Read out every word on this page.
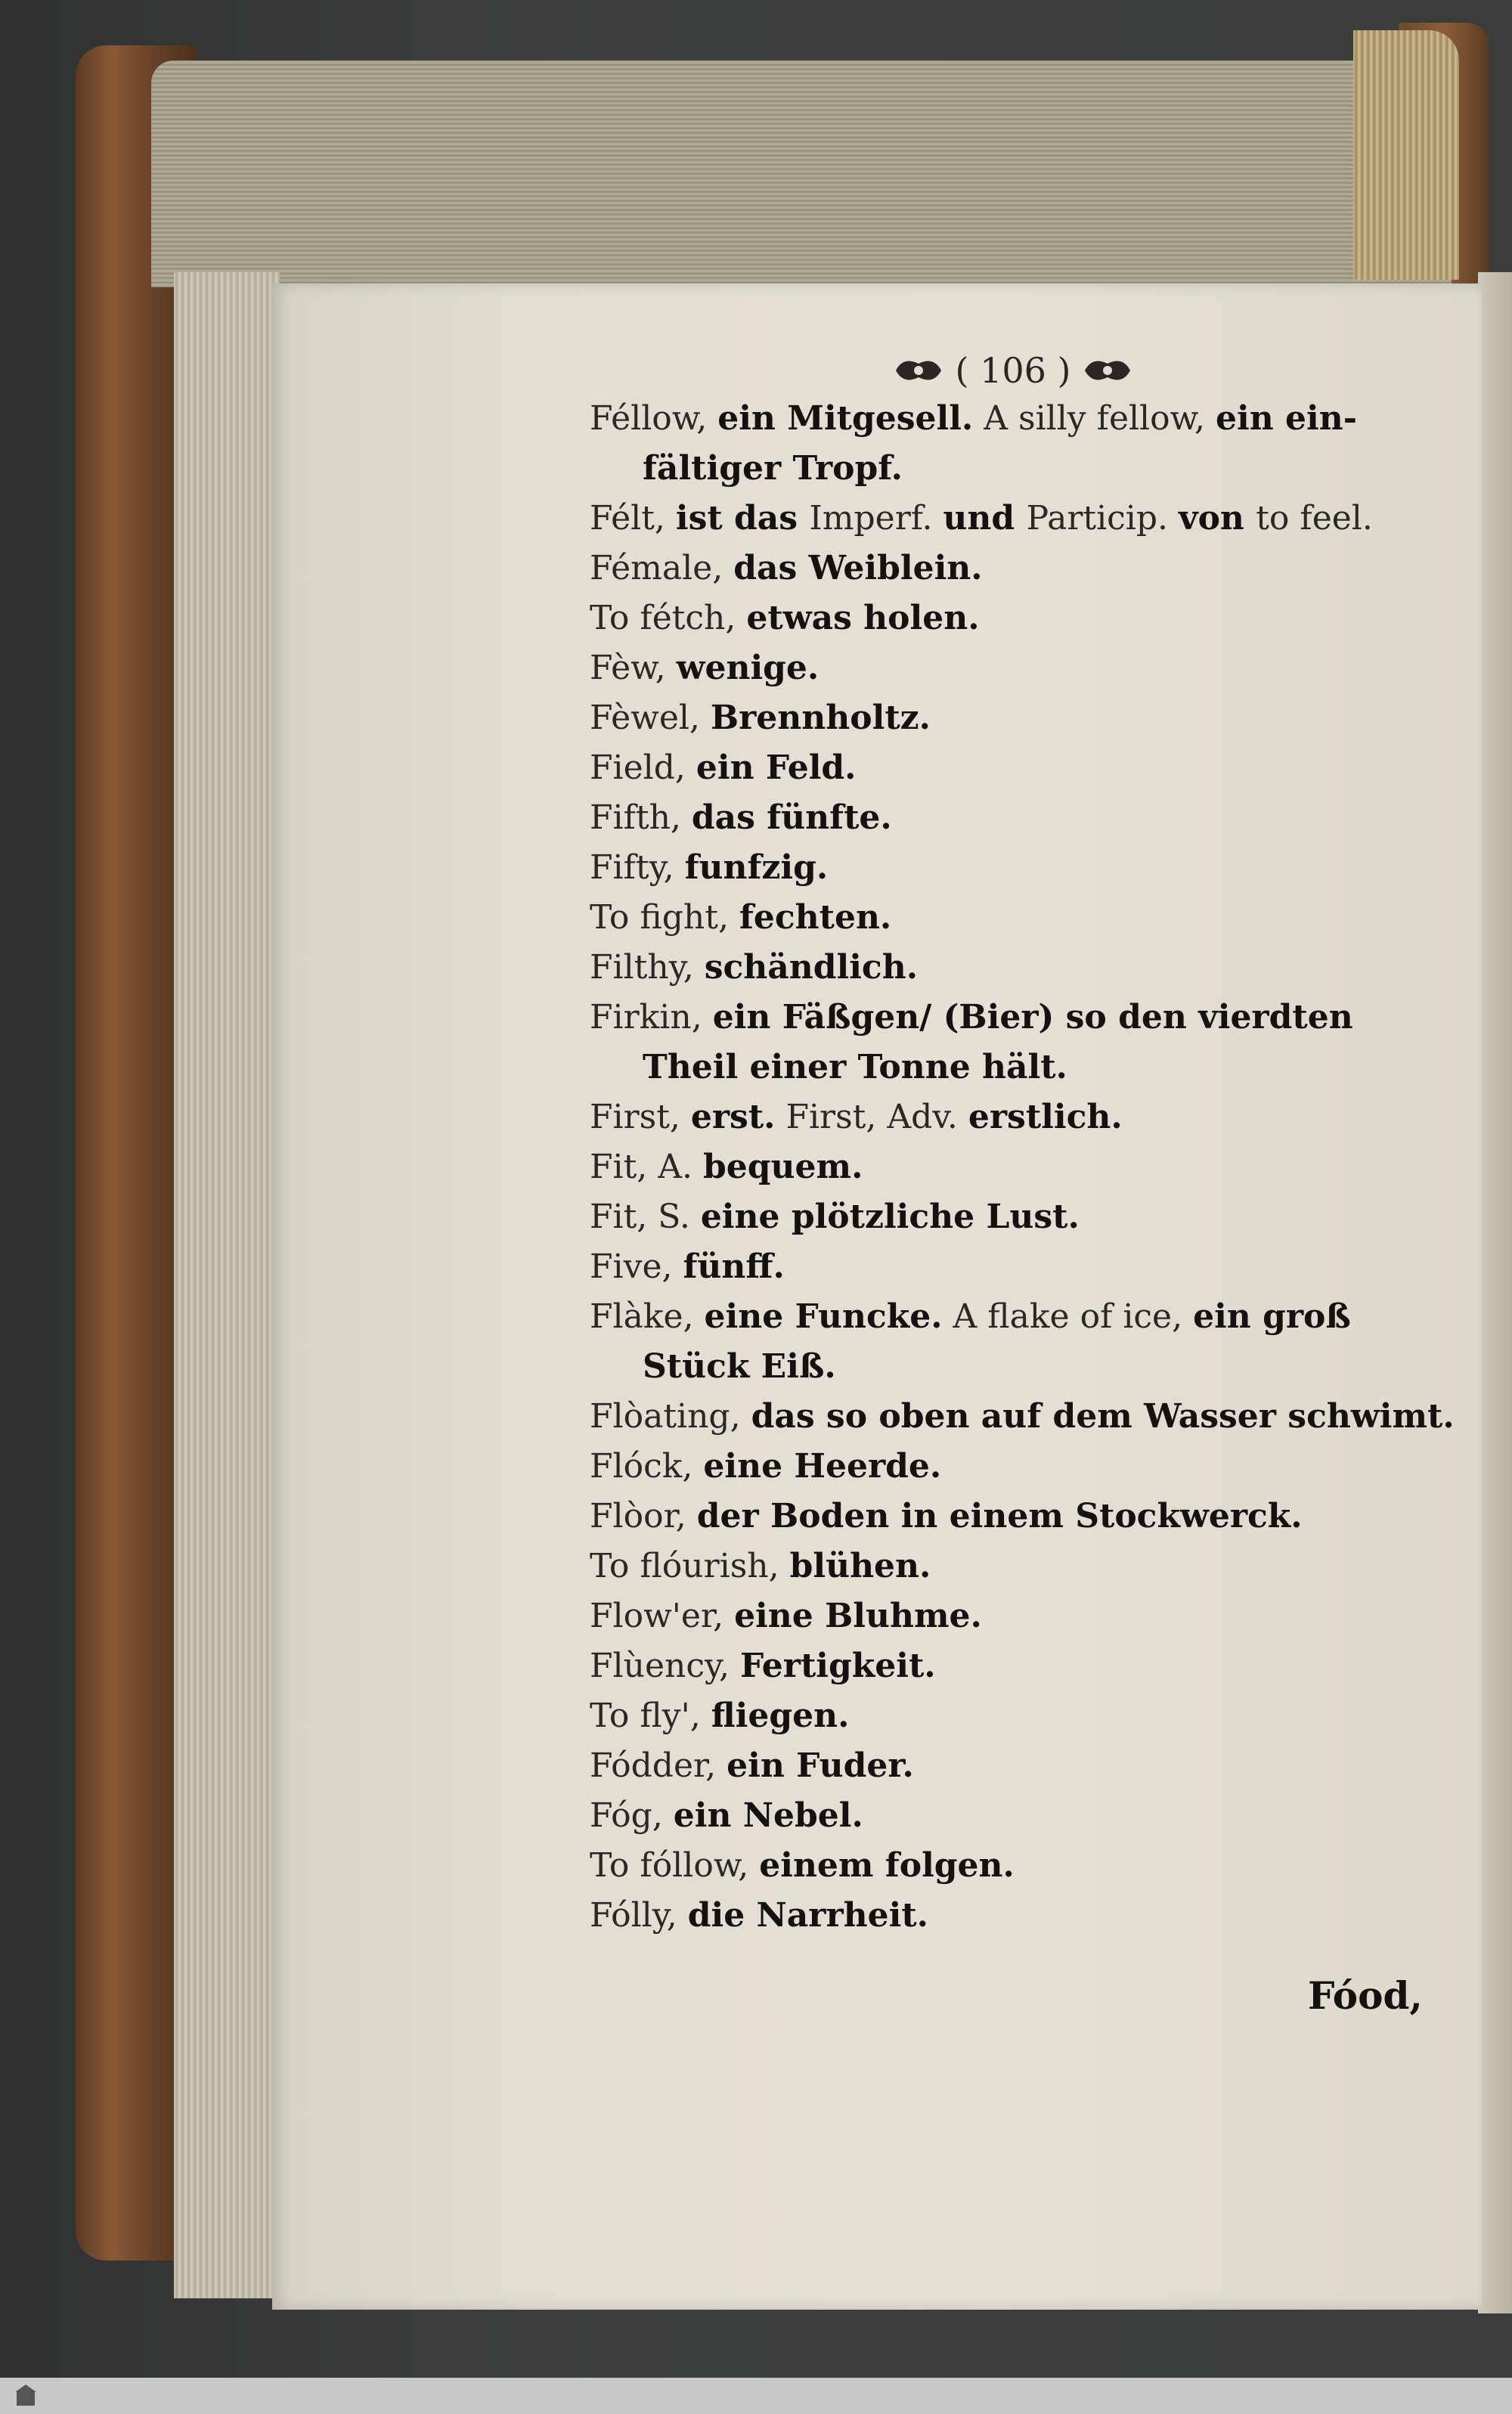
( 106 )
Féllow, ein Mitgesell. A silly fellow, ein ein-
fältiger Tropf.
Félt, ist das Imperf. und Particip. von to feel.
Fémale, das Weiblein.
To fétch, etwas holen.
Fèw, wenige.
Fèwel, Brennholtz.
Field, ein Feld.
Fifth, das fünfte.
Fifty, funfzig.
To fight, fechten.
Filthy, schändlich.
Firkin, ein Fäßgen/ (Bier) so den vierdten
Theil einer Tonne hält.
First, erst. First, Adv. erstlich.
Fit, A. bequem.
Fit, S. eine plötzliche Lust.
Five, fünff.
Flàke, eine Funcke. A flake of ice, ein groß
Stück Eiß.
Flòating, das so oben auf dem Wasser schwimt.
Flóck, eine Heerde.
Flòor, der Boden in einem Stockwerck.
To flóurish, blühen.
Flow'er, eine Bluhme.
Flùency, Fertigkeit.
To fly', fliegen.
Fódder, ein Fuder.
Fóg, ein Nebel.
To fóllow, einem folgen.
Fólly, die Narrheit.
Fóod,
